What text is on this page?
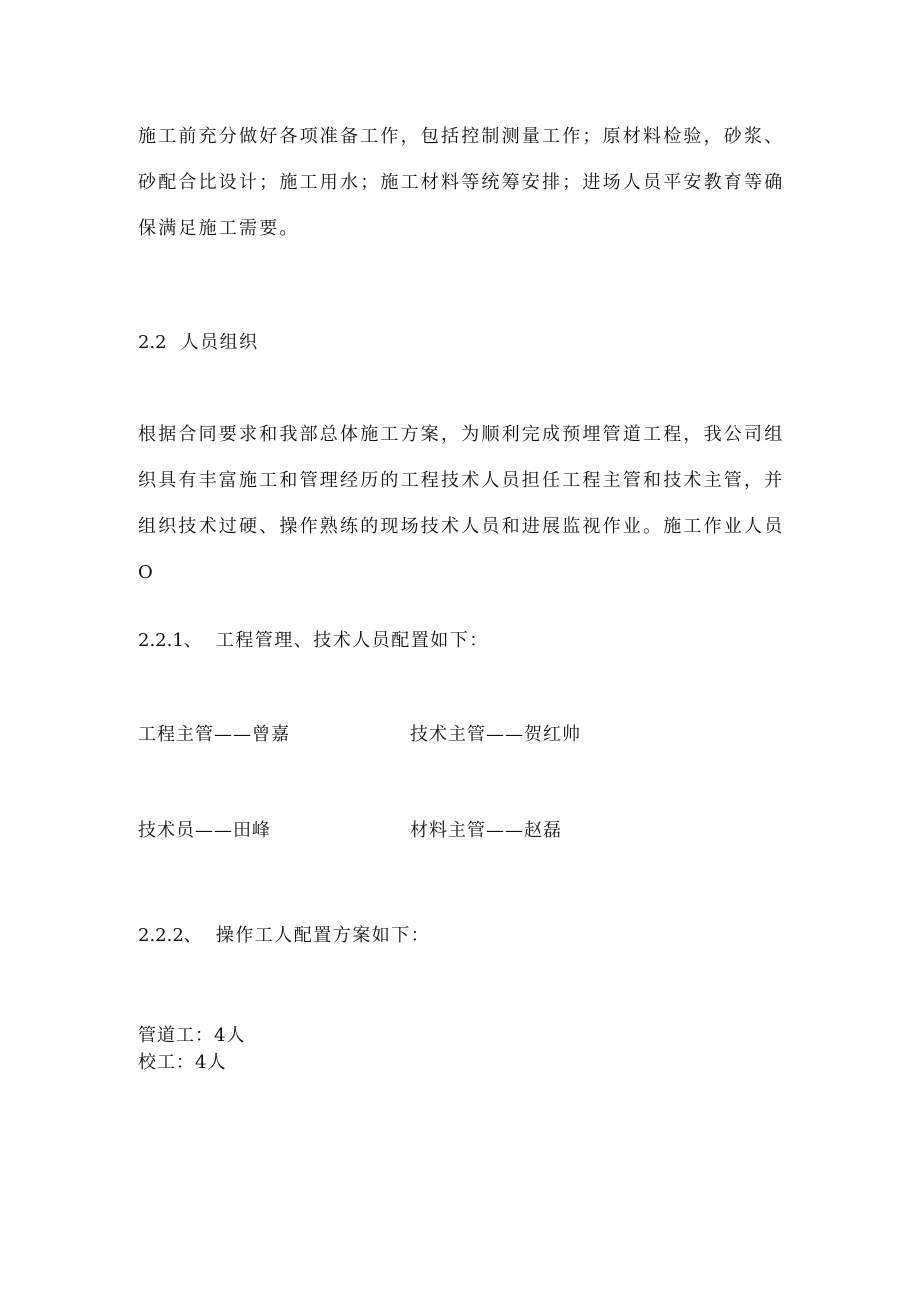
施工前充分做好各项准备工作，包括控制测量工作；原材料检验，砂浆、砂配合比设计；施工用水；施工材料等统筹安排；进场人员平安教育等确保满足施工需要。

2.2 人员组织

根据合同要求和我部总体施工方案，为顺利完成预埋管道工程，我公司组织具有丰富施工和管理经历的工程技术人员担任工程主管和技术主管，并组织技术过硬、操作熟练的现场技术人员和进展监视作业。施工作业人员O

2.2.1、 工程管理、技术人员配置如下：
工程主管——曾嘉	技术主管——贺红帅
技术员——田峰	材料主管——赵磊
2.2.2、 操作工人配置方案如下：
管道工：4人
校工：4人
